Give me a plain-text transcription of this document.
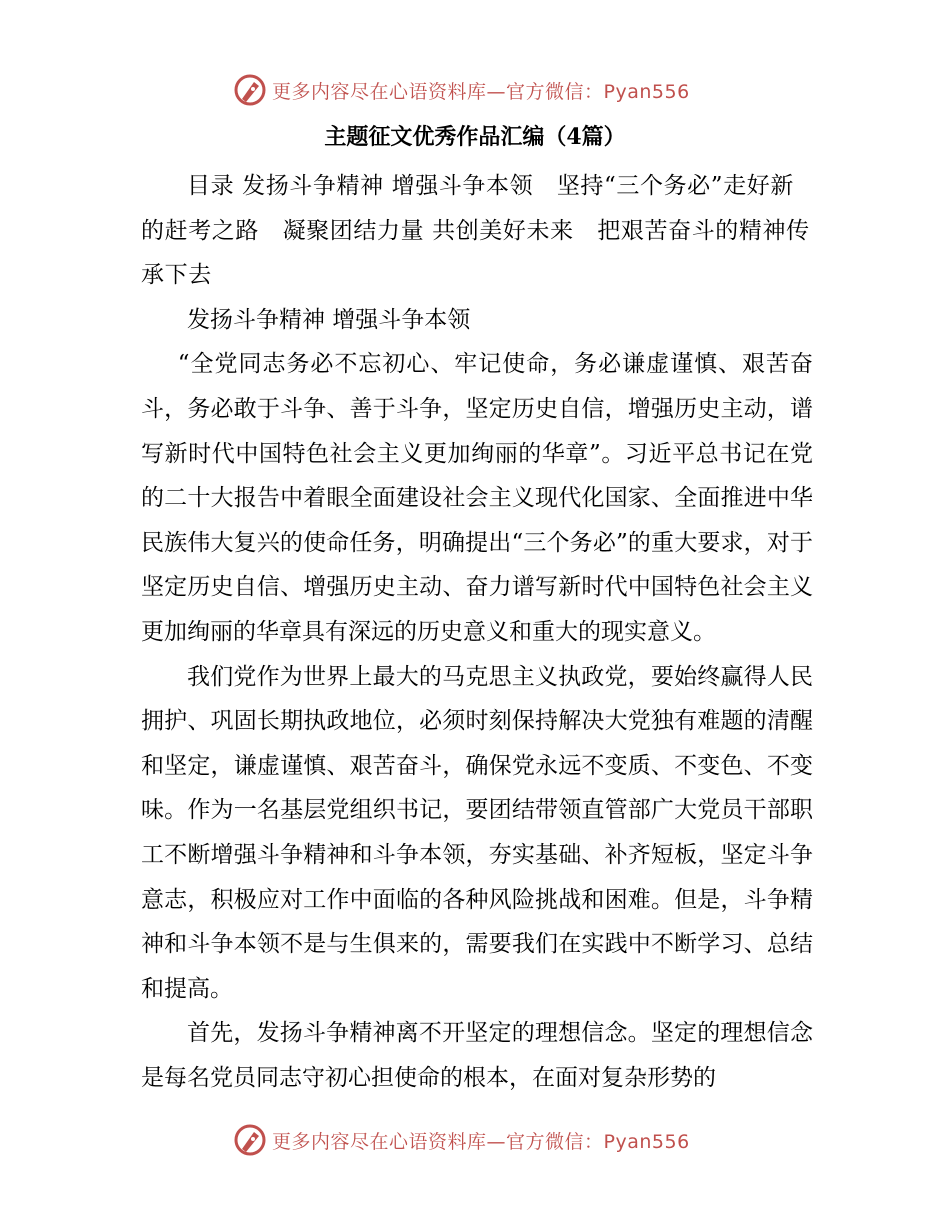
更多内容尽在心语资料库—官方微信：Pyan556
主题征文优秀作品汇编（4篇）

目录 发扬斗争精神 增强斗争本领　坚持“三个务必”走好新的赶考之路　凝聚团结力量 共创美好未来　把艰苦奋斗的精神传承下去

发扬斗争精神 增强斗争本领

“全党同志务必不忘初心、牢记使命，务必谦虚谨慎、艰苦奋斗，务必敢于斗争、善于斗争，坚定历史自信，增强历史主动，谱写新时代中国特色社会主义更加绚丽的华章”。习近平总书记在党的二十大报告中着眼全面建设社会主义现代化国家、全面推进中华民族伟大复兴的使命任务，明确提出“三个务必”的重大要求，对于坚定历史自信、增强历史主动、奋力谱写新时代中国特色社会主义更加绚丽的华章具有深远的历史意义和重大的现实意义。

我们党作为世界上最大的马克思主义执政党，要始终赢得人民拥护、巩固长期执政地位，必须时刻保持解决大党独有难题的清醒和坚定，谦虚谨慎、艰苦奋斗，确保党永远不变质、不变色、不变味。作为一名基层党组织书记，要团结带领直管部广大党员干部职工不断增强斗争精神和斗争本领，夯实基础、补齐短板，坚定斗争意志，积极应对工作中面临的各种风险挑战和困难。但是，斗争精神和斗争本领不是与生俱来的，需要我们在实践中不断学习、总结和提高。

首先，发扬斗争精神离不开坚定的理想信念。坚定的理想信念是每名党员同志守初心担使命的根本，在面对复杂形势的

更多内容尽在心语资料库—官方微信：Pyan556
